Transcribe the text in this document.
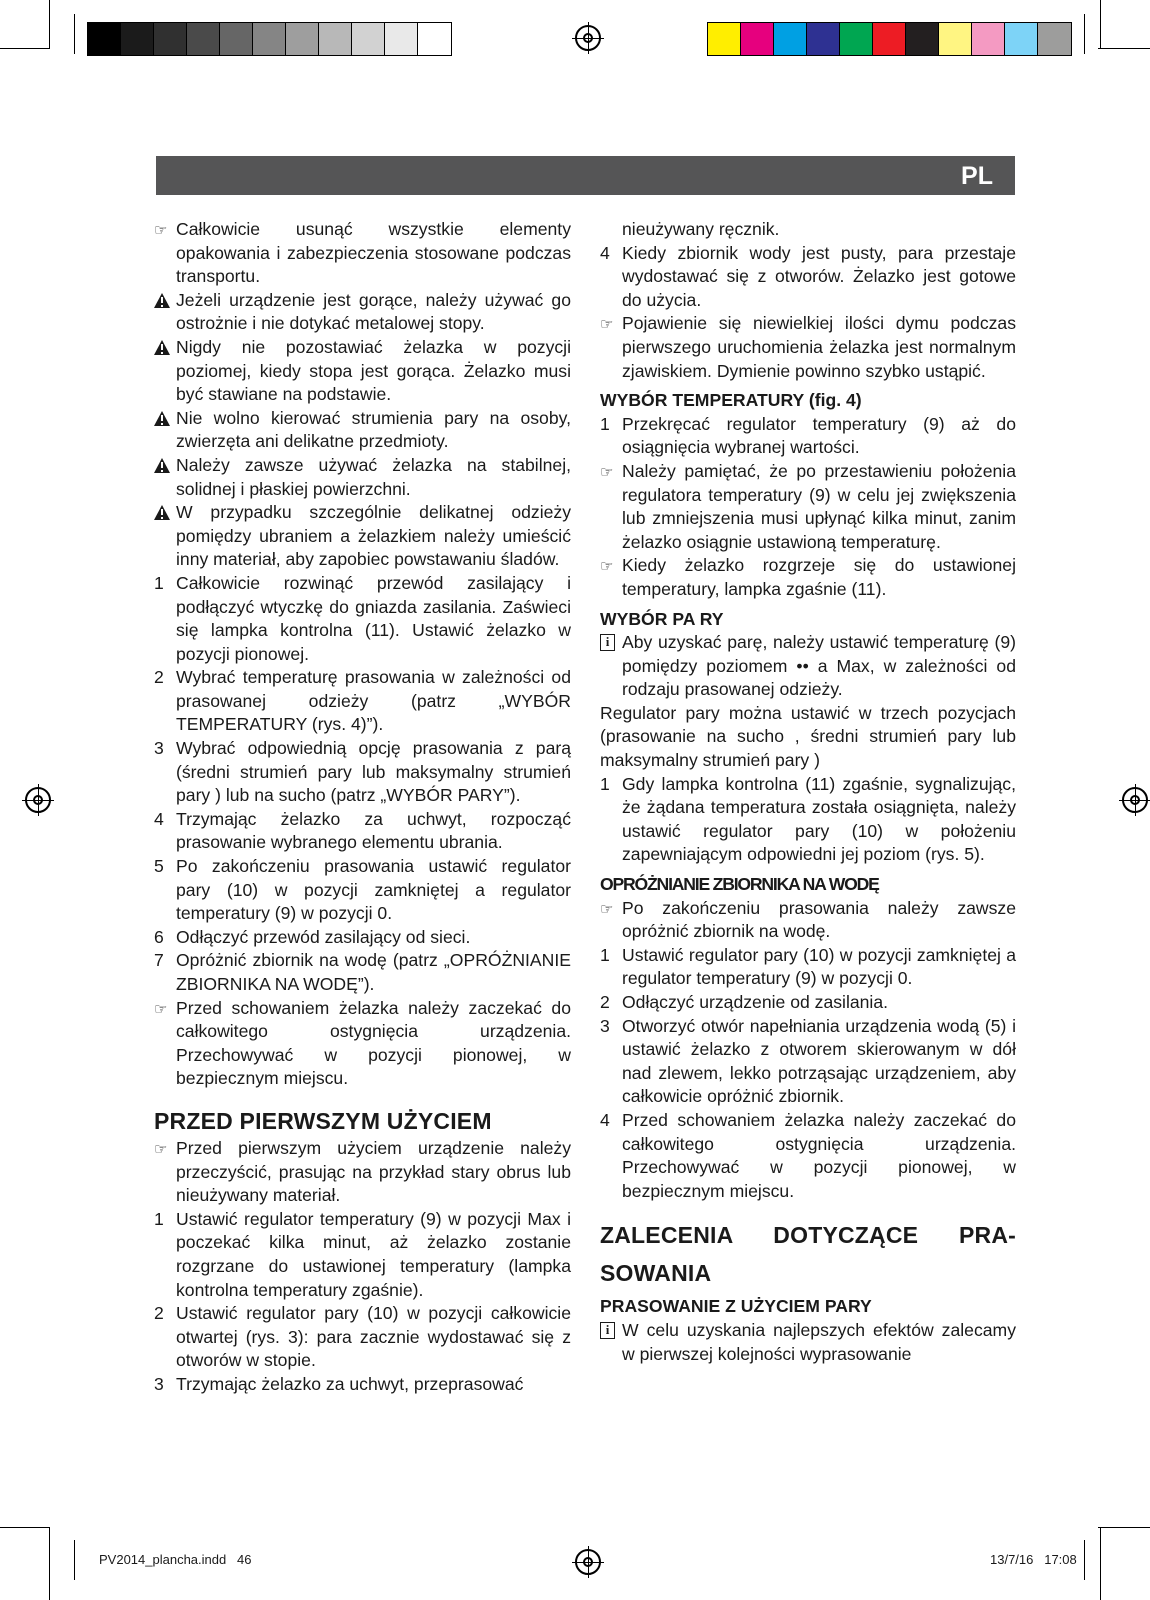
PL
☞ Całkowicie usunąć wszystkie elementy opakowania i zabezpieczenia stosowane podczas transportu.
Jeżeli urządzenie jest gorące, należy używać go ostrożnie i nie dotykać metalowej stopy.
Nigdy nie pozostawiać żelazka w pozycji poziomej, kiedy stopa jest gorąca. Żelazko musi być stawiane na podstawie.
Nie wolno kierować strumienia pary na osoby, zwierzęta ani delikatne przedmioty.
Należy zawsze używać żelazka na stabilnej, solidnej i płaskiej powierzchni.
W przypadku szczególnie delikatnej odzieży pomiędzy ubraniem a żelazkiem należy umieścić inny materiał, aby zapobiec powstawaniu śladów.
1 Całkowicie rozwinąć przewód zasilający i podłączyć wtyczkę do gniazda zasilania. Zaświeci się lampka kontrolna (11). Ustawić żelazko w pozycji pionowej.
2 Wybrać temperaturę prasowania w zależności od prasowanej odzieży (patrz „WYBÓR TEMPERATURY (rys. 4)”).
3 Wybrać odpowiednią opcję prasowania z parą (średni strumień pary lub maksymalny strumień pary ) lub na sucho (patrz „WYBÓR PARY”).
4 Trzymając żelazko za uchwyt, rozpocząć prasowanie wybranego elementu ubrania.
5 Po zakończeniu prasowania ustawić regulator pary (10) w pozycji zamkniętej a regulator temperatury (9) w pozycji 0.
6 Odłączyć przewód zasilający od sieci.
7 Opróżnić zbiornik na wodę (patrz „OPRÓŻNIANIE ZBIORNIKA NA WODĘ”).
☞ Przed schowaniem żelazka należy zaczekać do całkowitego ostygnięcia urządzenia. Przechowywać w pozycji pionowej, w bezpiecznym miejscu.
PRZED PIERWSZYM UŻYCIEM
☞ Przed pierwszym użyciem urządzenie należy przeczyścić, prasując na przykład stary obrus lub nieużywany materiał.
1 Ustawić regulator temperatury (9) w pozycji Max i poczekać kilka minut, aż żelazko zostanie rozgrzane do ustawionej temperatury (lampka kontrolna temperatury zgaśnie).
2 Ustawić regulator pary (10) w pozycji całkowicie otwartej (rys. 3): para zacznie wydostawać się z otworów w stopie.
3 Trzymając żelazko za uchwyt, przeprasować

nieużywany ręcznik.

4 Kiedy zbiornik wody jest pusty, para przestaje wydostawać się z otworów. Żelazko jest gotowe do użycia.
☞ Pojawienie się niewielkiej ilości dymu podczas pierwszego uruchomienia żelazka jest normalnym zjawiskiem. Dymienie powinno szybko ustąpić.
WYBÓR TEMPERATURY (fig. 4)
1 Przekręcać regulator temperatury (9) aż do osiągnięcia wybranej wartości.
☞ Należy pamiętać, że po przestawieniu położenia regulatora temperatury (9) w celu jej zwiększenia lub zmniejszenia musi upłynąć kilka minut, zanim żelazko osiągnie ustawioną temperaturę.
☞ Kiedy żelazko rozgrzeje się do ustawionej temperatury, lampka zgaśnie (11).
WYBÓR PA RY
i Aby uzyskać parę, należy ustawić temperaturę (9) pomiędzy poziomem •• a Max, w zależności od rodzaju prasowanej odzieży.

Regulator pary można ustawić w trzech pozycjach (prasowanie na sucho , średni strumień pary lub maksymalny strumień pary )

1 Gdy lampka kontrolna (11) zgaśnie, sygnalizując, że żądana temperatura została osiągnięta, należy ustawić regulator pary (10) w położeniu zapewniającym odpowiedni jej poziom (rys. 5).
OPRÓŻNIANIE ZBIORNIKA NA WODĘ
☞ Po zakończeniu prasowania należy zawsze opróżnić zbiornik na wodę.
1 Ustawić regulator pary (10) w pozycji zamkniętej a regulator temperatury (9) w pozycji 0.
2 Odłączyć urządzenie od zasilania.
3 Otworzyć otwór napełniania urządzenia wodą (5) i ustawić żelazko z otworem skierowanym w dół nad zlewem, lekko potrząsając urządzeniem, aby całkowicie opróżnić zbiornik.
4 Przed schowaniem żelazka należy zaczekać do całkowitego ostygnięcia urządzenia. Przechowywać w pozycji pionowej, w bezpiecznym miejscu.
ZALECENIA DOTYCZĄCE PRA-
SOWANIA
PRASOWANIE Z UŻYCIEM PARY
i W celu uzyskania najlepszych efektów zalecamy w pierwszej kolejności wyprasowanie
PV2014_plancha.indd   46	13/7/16   17:08
